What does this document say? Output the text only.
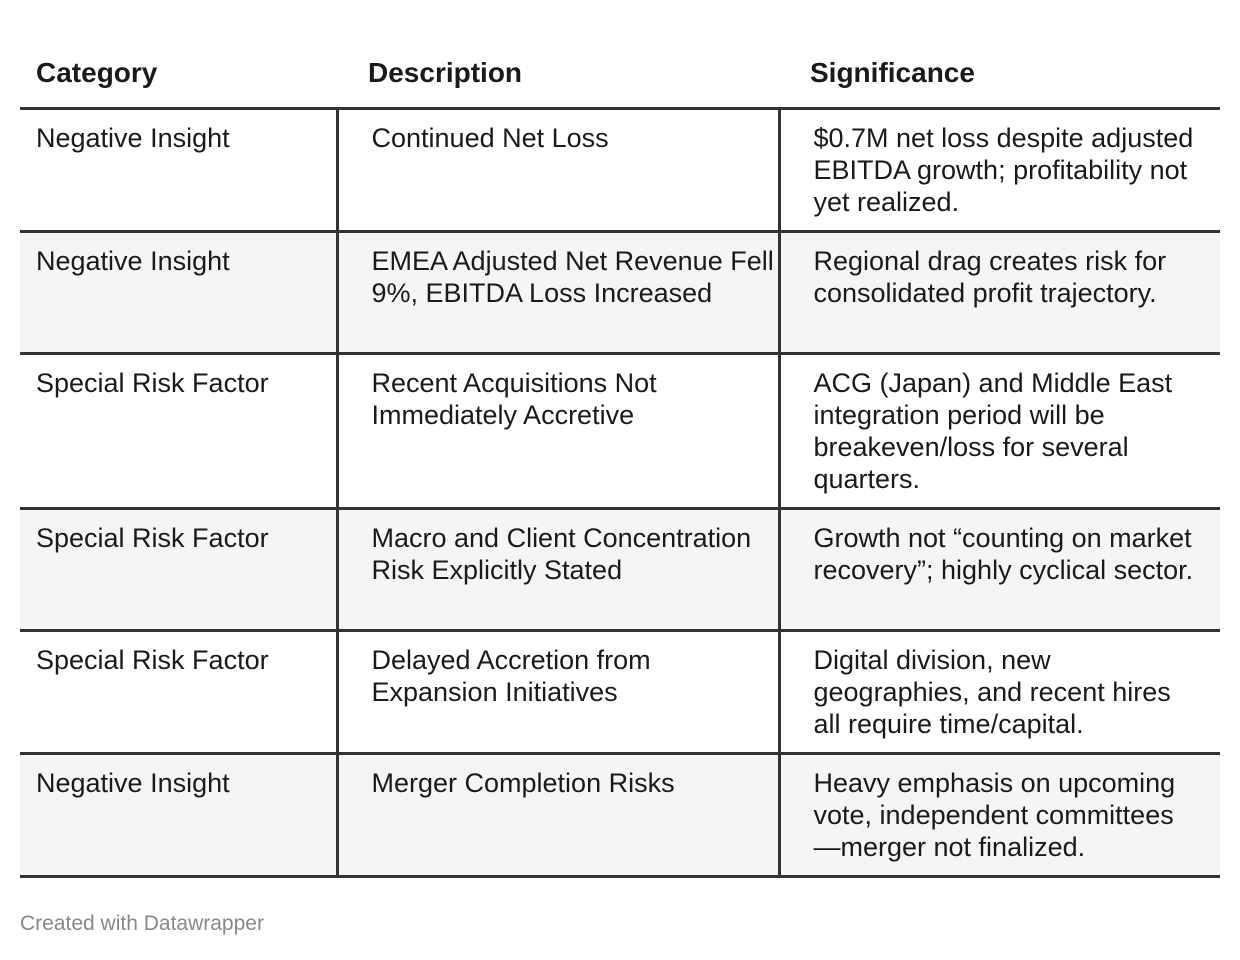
Category	Description	Significance
Negative Insight	Continued Net Loss	$0.7M net loss despite adjusted EBITDA growth; profitability not yet realized.
Negative Insight	EMEA Adjusted Net Revenue Fell 9%, EBITDA Loss Increased	Regional drag creates risk for consolidated profit trajectory.
Special Risk Factor	Recent Acquisitions Not Immediately Accretive	ACG (Japan) and Middle East integration period will be breakeven/loss for several quarters.
Special Risk Factor	Macro and Client Concentration Risk Explicitly Stated	Growth not “counting on market recovery”; highly cyclical sector.
Special Risk Factor	Delayed Accretion from Expansion Initiatives	Digital division, new geographies, and recent hires all require time/capital.
Negative Insight	Merger Completion Risks	Heavy emphasis on upcoming vote, independent committees—merger not finalized.
Created with Datawrapper
